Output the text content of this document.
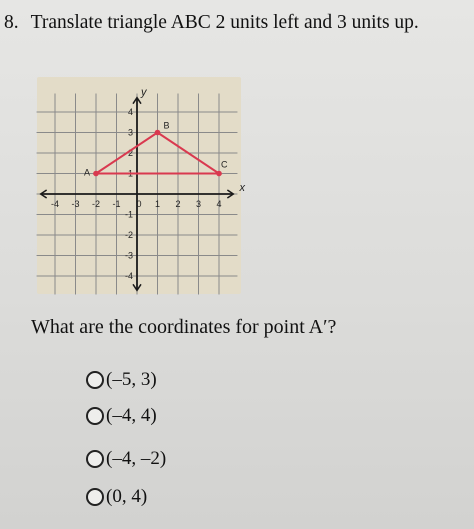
8. Translate triangle ABC 2 units left and 3 units up.
-4 -3 -2 -1 0 1 2 3 4
4
3
2
1
-1
-2
-3
-4
x
y
A
B
C
What are the coordinates for point A′?
(–5, 3)
(–4, 4)
(–4, –2)
(0, 4)
